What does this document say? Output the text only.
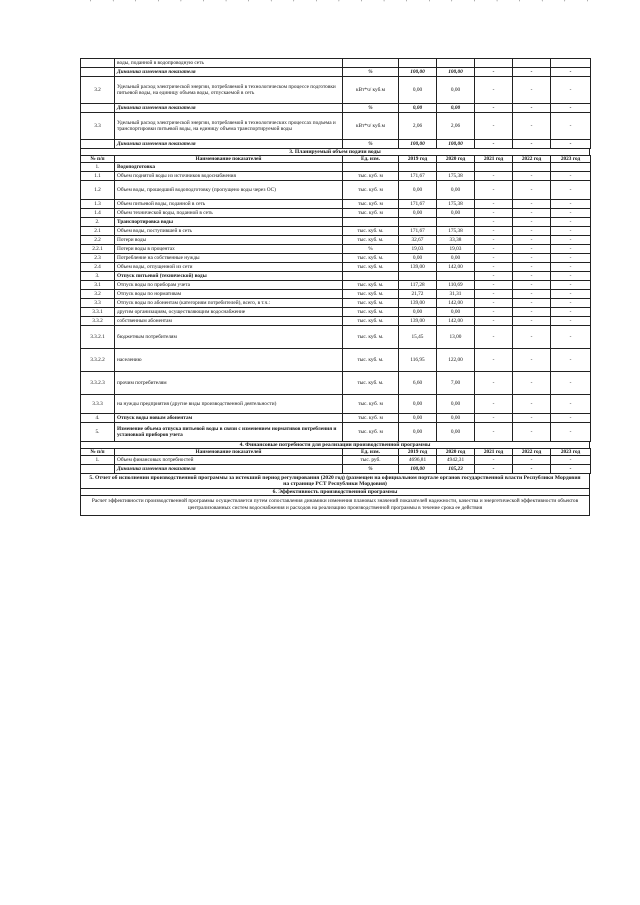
' ' ' ' ' ' ' ' ' ' ' ' ' ' ' ' ' ' ' ' ' ' '
	воды, поданной в водопроводную сеть						
	Динамика изменения показателя	%	100,00	100,00	-	-	-
3.2	Удельный расход электрической энергии, потребляемой в технологическом процессе подготовки питьевой воды, на единицу объема воды, отпускаемой в сеть	кВт*ч/ куб.м	0,00	0,00	-	-	-
	Динамика изменения показателя	%	0,00	0,00	-	-	-
3.3	Удельный расход электрической энергии, потребляемой в технологических процессах подъема и транспортировки питьевой воды, на единицу объема транспортируемой воды	кВт*ч/ куб.м	2,06	2,06	-	-	-
	Динамика изменения показателя	%	100,00	100,00	-	-	-
3. Планируемый объем подачи воды
№ п/п	Наименование показателей	Ед. изм.	2019 год	2020 год	2021 год	2022 год	2023 год
1.	Водоподготовка						
1.1	Объем поднятой воды из источников водоснабжения	тыс. куб. м	171,67	175,38	-	-	-
1.2	Объем воды, прошедший водоподготовку (пропущено воды через ОС)	тыс. куб. м	0,00	0,00	-	-	-
1.3	Объем питьевой воды, поданной в сеть	тыс. куб. м	171,67	175,38	-	-	-
1.4	Объем технической воды, поданной в сеть	тыс. куб. м	0,00	0,00	-	-	-
2.	Транспортировка воды				-	-	-
2.1	Объем воды, поступившей в сеть	тыс. куб. м.	171,67	175,38	-	-	-
2.2	Потери воды	тыс. куб. м.	32,67	33,38	-	-	-
2.2.1	Потери воды в процентах	%	19,03	19,03	-	-	-
2.3	Потребление на собственные нужды	тыс. куб. м.	0,00	0,00	-	-	-
2.4	Объем воды, отпущенной из сети	тыс. куб. м.	139,00	142,00	-	-	-
3.	Отпуск питьевой (технической) воды				-	-	-
3.1	Отпуск воды по приборам учета	тыс. куб. м.	117,28	110,69	-	-	-
3.2	Отпуск воды по нормативам	тыс. куб. м.	21,72	31,31	-	-	-
3.3	Отпуск воды по абонентам (категориям потребителей), всего, в т.ч.:	тыс. куб. м.	139,00	142,00	-	-	-
3.3.1	другим организациям, осуществляющим водоснабжение	тыс. куб. м.	0,00	0,00	-	-	-
3.3.2	собственным абонентам	тыс. куб. м.	139,00	142,00	-	-	-
3.3.2.1	бюджетным потребителям	тыс. куб. м.	15,45	13,00	-	-	-
3.3.2.2	населению	тыс. куб. м.	116,95	122,00	-	-	-
3.3.2.3	прочим потребителям	тыс. куб. м.	6,60	7,00	-	-	-
3.3.3	на нужды предприятия (другие виды производственной деятельности)	тыс. куб. м	0,00	0,00	-	-	-
4.	Отпуск воды новым абонентам	тыс. куб. м	0,00	0,00	-	-	-
5.	Изменение объема отпуска питьевой воды в связи с изменением нормативов потребления и установкой приборов учета	тыс. куб. м	0,00	0,00	-	-	-
4. Финансовые потребности для реализации производственной программы
№ п/п	Наименование показателей	Ед. изм.	2019 год	2020 год	2021 год	2022 год	2023 год
1.	Объем финансовых потребностей	тыс. руб.	4696,81	4942,31	-	-	-
	Динамика изменения показателя	%	100,00	105,23	-	-	-
5. Отчет об исполнении производственной программы за истекший период регулирования (2020 год) (размещен на официальном портале органов государственной власти Республики Мордовия на странице РСТ Республики Мордовия)
6. Эффективность производственной программы
Расчет эффективности производственной программы осуществляется путем сопоставления динамики изменения плановых значений показателей надежности, качества и энергетической эффективности объектов централизованных систем водоснабжения и расходов на реализацию производственной программы в течение срока ее действия
